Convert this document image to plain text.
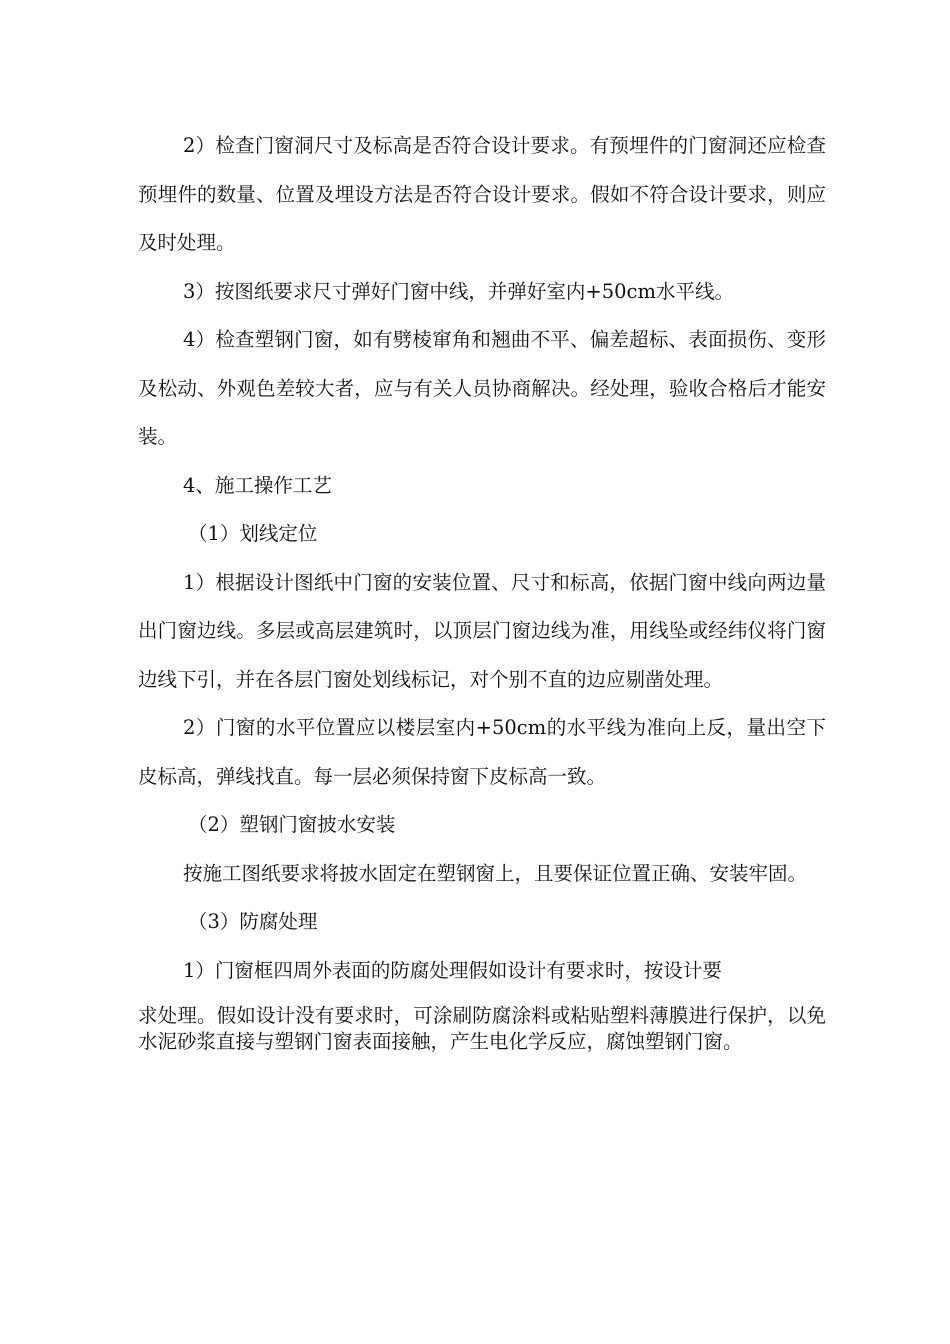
2）检查门窗洞尺寸及标高是否符合设计要求。有预埋件的门窗洞还应检查预埋件的数量、位置及埋设方法是否符合设计要求。假如不符合设计要求，则应及时处理。

3）按图纸要求尺寸弹好门窗中线，并弹好室内+50cm水平线。

4）检查塑钢门窗，如有劈棱窜角和翘曲不平、偏差超标、表面损伤、变形及松动、外观色差较大者，应与有关人员协商解决。经处理，验收合格后才能安装。

4、施工操作工艺

（1）划线定位

1）根据设计图纸中门窗的安装位置、尺寸和标高，依据门窗中线向两边量出门窗边线。多层或高层建筑时，以顶层门窗边线为准，用线坠或经纬仪将门窗边线下引，并在各层门窗处划线标记，对个别不直的边应剔凿处理。

2）门窗的水平位置应以楼层室内+50cm的水平线为准向上反，量出空下皮标高，弹线找直。每一层必须保持窗下皮标高一致。

（2）塑钢门窗披水安装

按施工图纸要求将披水固定在塑钢窗上，且要保证位置正确、安装牢固。

（3）防腐处理

1）门窗框四周外表面的防腐处理假如设计有要求时，按设计要

求处理。假如设计没有要求时，可涂刷防腐涂料或粘贴塑料薄膜进行保护，以免水泥砂浆直接与塑钢门窗表面接触，产生电化学反应，腐蚀塑钢门窗。
